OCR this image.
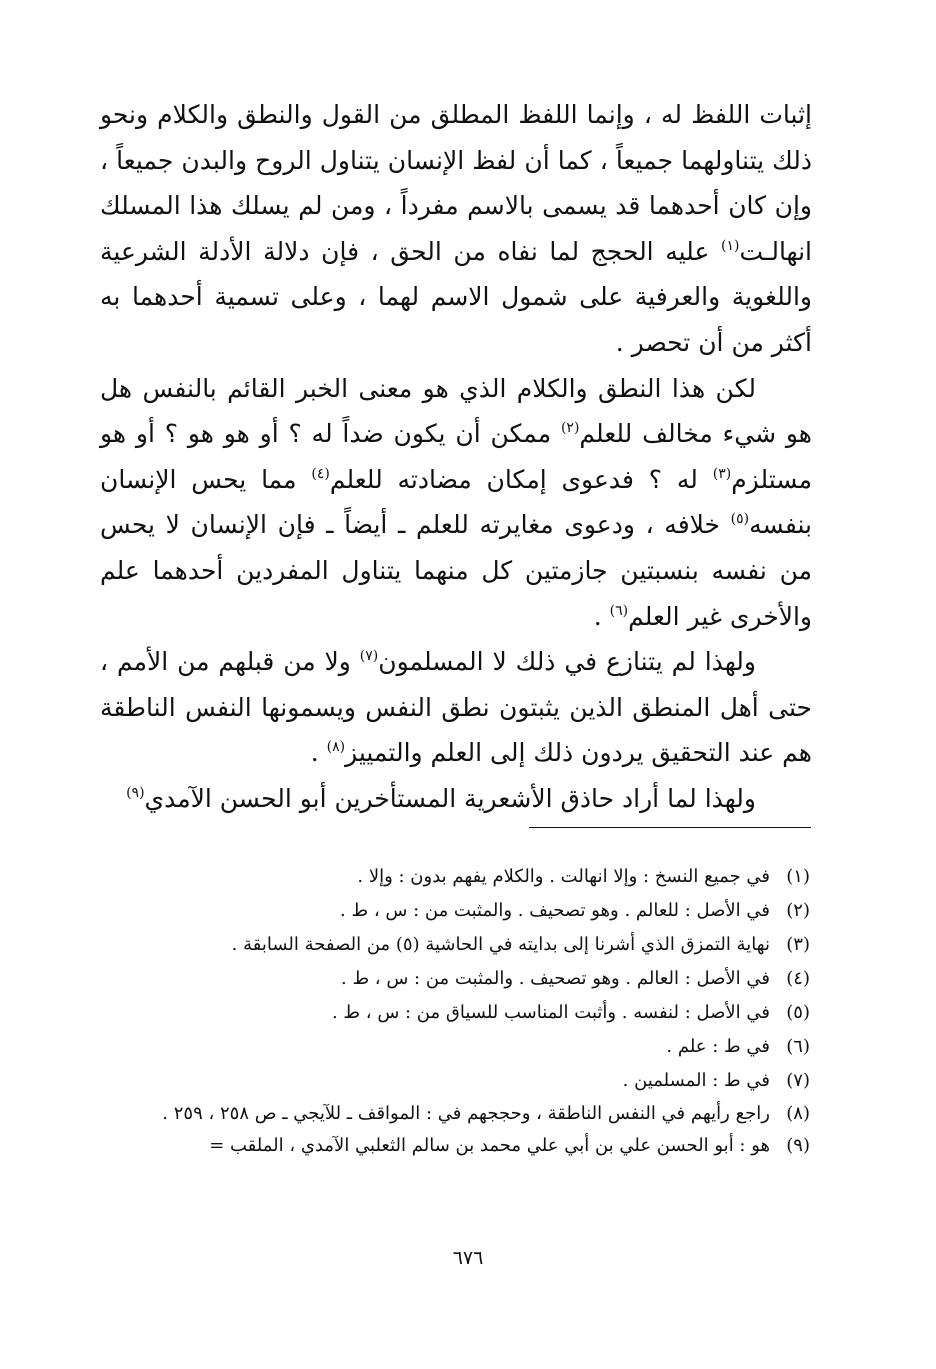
إثبات اللفظ له ، وإنما اللفظ المطلق من القول والنطق والكلام ونحو ذلك يتناولهما جميعاً ، كما أن لفظ الإنسان يتناول الروح والبدن جميعاً ، وإن كان أحدهما قد يسمى بالاسم مفرداً ، ومن لم يسلك هذا المسلك انهالـت$^{(١)}$ عليه الحجج لما نفاه من الحق ، فإن دلالة الأدلة الشرعية واللغوية والعرفية على شمول الاسم لهما ، وعلى تسمية أحدهما به أكثر من أن تحصر .

لكن هذا النطق والكلام الذي هو معنى الخبر القائم بالنفس هل هو شيء مخالف للعلم$^{(٢)}$ ممكن أن يكون ضداً له ؟ أو هو هو ؟ أو هو مستلزم$^{(٣)}$ له ؟ فدعوى إمكان مضادته للعلم$^{(٤)}$ مما يحس الإنسان بنفسه$^{(٥)}$ خلافه ، ودعوى مغايرته للعلم ـ أيضاً ـ فإن الإنسان لا يحس من نفسه بنسبتين جازمتين كل منهما يتناول المفردين أحدهما علم والأخرى غير العلم$^{(٦)}$ .

ولهذا لم يتنازع في ذلك لا المسلمون$^{(٧)}$ ولا من قبلهم من الأمم ، حتى أهل المنطق الذين يثبتون نطق النفس ويسمونها النفس الناطقة هم عند التحقيق يردون ذلك إلى العلم والتمييز$^{(٨)}$ .

ولهذا لما أراد حاذق الأشعرية المستأخرين أبو الحسن الآمدي$^{(٩)}$

(١)
في جميع النسخ : وإلا انهالت . والكلام يفهم بدون : وإلا .
(٢)
في الأصل : للعالم . وهو تصحيف . والمثبت من : س ، ط .
(٣)
نهاية التمزق الذي أشرنا إلى بدايته في الحاشية (٥) من الصفحة السابقة .
(٤)
في الأصل : العالم . وهو تصحيف . والمثبت من : س ، ط .
(٥)
في الأصل : لنفسه . وأثبت المناسب للسياق من : س ، ط .
(٦)
في ط : علم .
(٧)
في ط : المسلمين .
(٨)
راجع رأيهم في النفس الناطقة ، وحججهم في : المواقف ـ للآيجي ـ ص ٢٥٨ ، ٢٥٩ .
(٩)
هو : أبو الحسن علي بن أبي علي محمد بن سالم الثعلبي الآمدي ، الملقب =
٦٧٦
